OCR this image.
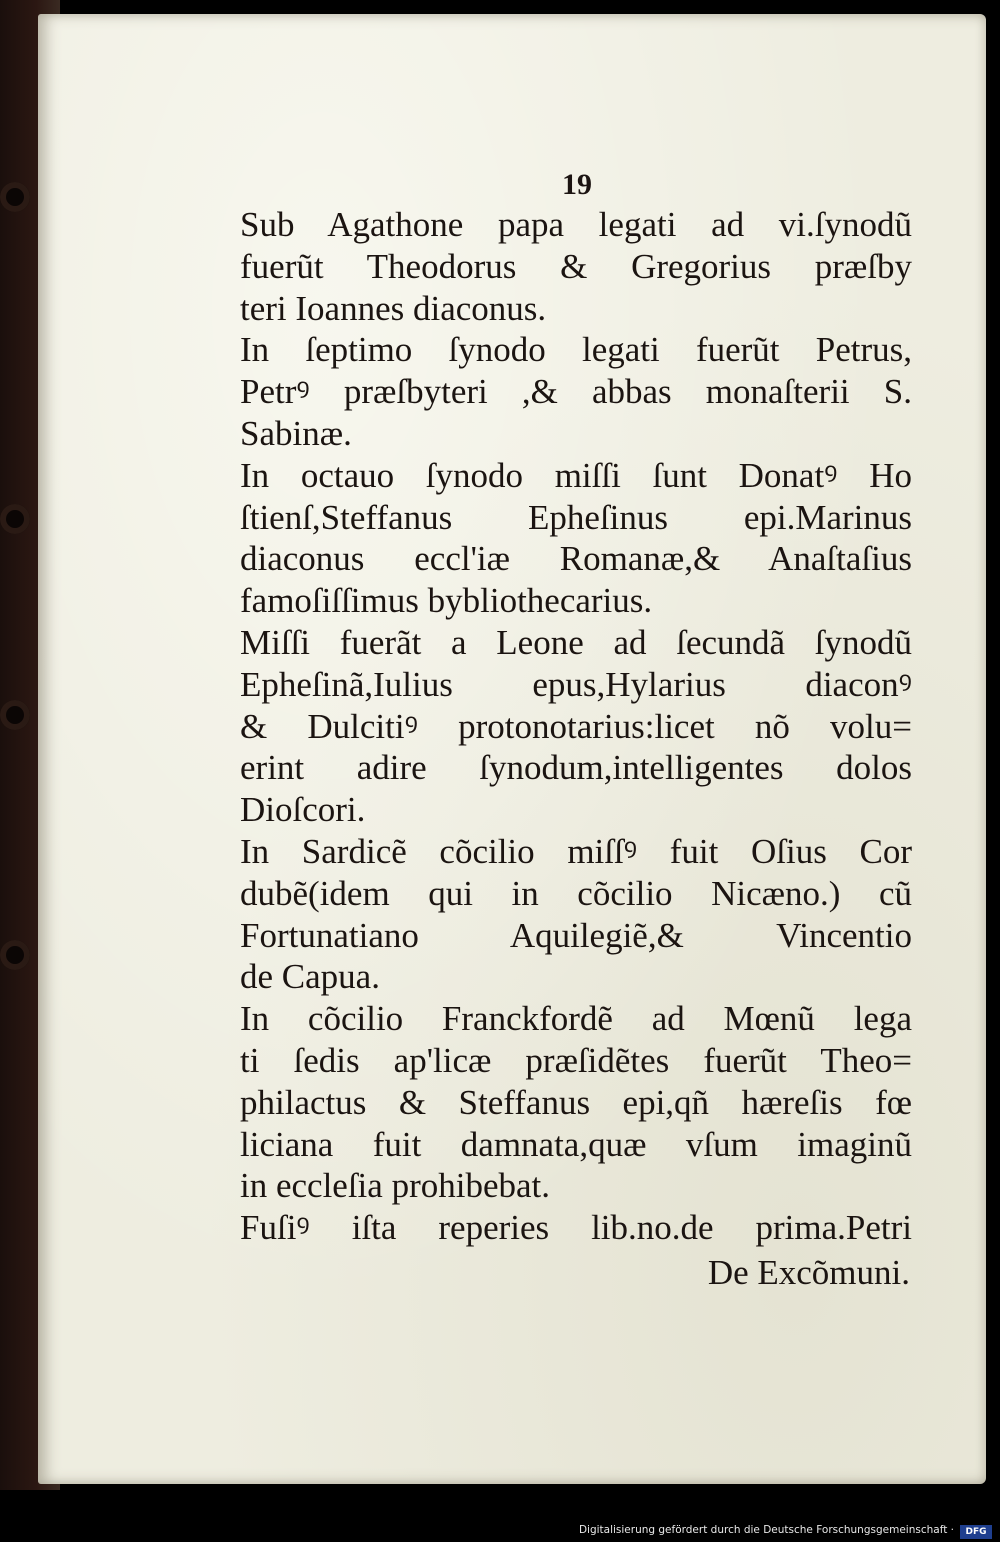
19
Sub Agathone papa legati ad vi.ſynodũ
fuerũt Theodorus & Gregorius præſby
teri Ioannes diaconus.
In ſeptimo ſynodo legati fuerũt Petrus,
Petrꝰ præſbyteri ,& abbas monaſterii S.
Sabinæ.
In octauo ſynodo miſſi ſunt Donatꝰ Ho
ſtienſ,Steffanus Epheſinus epi.Marinus
diaconus eccl'iæ Romanæ,& Anaſtaſius
famoſiſſimus bybliothecarius.
Miſſi fuerãt a Leone ad ſecundã ſynodũ
Epheſinã,Iulius epus,Hylarius diaconꝰ
& Dulcitiꝰ protonotarius:licet nõ volu=
erint adire ſynodum,intelligentes dolos
Dioſcori.
In Sardicẽ cõcilio miſſꝰ fuit Oſius Cor
dubẽ(idem qui in cõcilio Nicæno.) cũ
Fortunatiano Aquilegiẽ,& Vincentio
de Capua.
In cõcilio Franckfordẽ ad Mœnũ lega
ti ſedis ap'licæ præſidẽtes fuerũt Theo=
philactus & Steffanus epi,qñ hæreſis fœ
liciana fuit damnata,quæ vſum imaginũ
in eccleſia prohibebat.
Fuſiꝰ iſta reperies lib.no.de prima.Petri
De Excõmuni.
Digitalisierung gefördert durch die Deutsche Forschungsgemeinschaft ·	DFG
